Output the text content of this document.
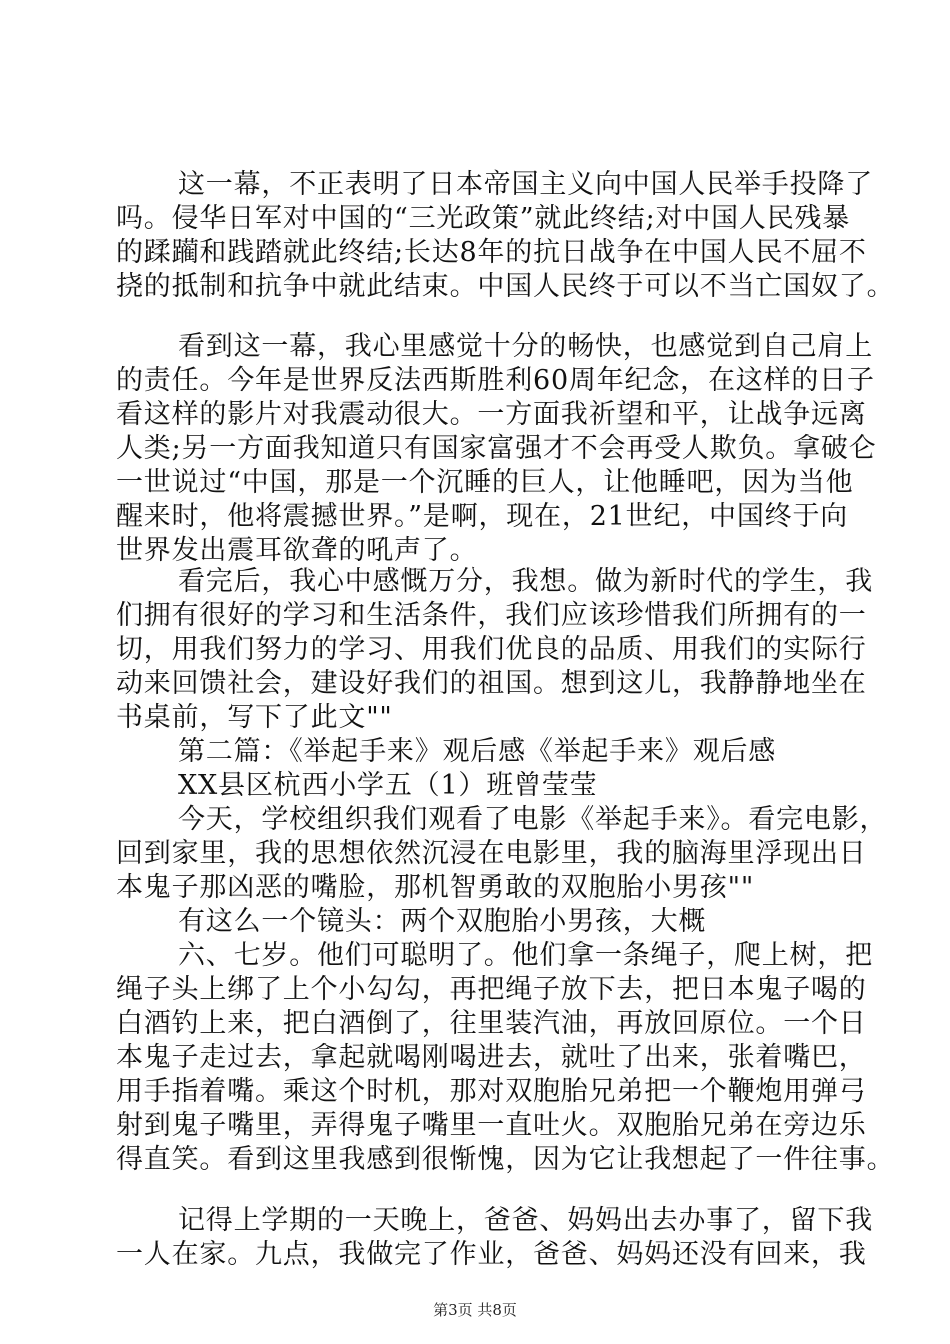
这一幕，不正表明了日本帝国主义向中国人民举手投降了
吗。侵华日军对中国的“三光政策”就此终结;对中国人民残暴
的蹂躏和践踏就此终结;长达8年的抗日战争在中国人民不屈不
挠的抵制和抗争中就此结束。中国人民终于可以不当亡国奴了。
看到这一幕，我心里感觉十分的畅快，也感觉到自己肩上
的责任。今年是世界反法西斯胜利60周年纪念，在这样的日子
看这样的影片对我震动很大。一方面我祈望和平，让战争远离
人类;另一方面我知道只有国家富强才不会再受人欺负。拿破仑
一世说过“中国，那是一个沉睡的巨人，让他睡吧，因为当他
醒来时，他将震撼世界。”是啊，现在，21世纪，中国终于向
世界发出震耳欲聋的吼声了。
看完后，我心中感慨万分，我想。做为新时代的学生，我
们拥有很好的学习和生活条件，我们应该珍惜我们所拥有的一
切，用我们努力的学习、用我们优良的品质、用我们的实际行
动来回馈社会，建设好我们的祖国。想到这儿，我静静地坐在
书桌前，写下了此文""
第二篇：《举起手来》观后感《举起手来》观后感
XX县区杭西小学五（1）班曾莹莹
今天，学校组织我们观看了电影《举起手来》。看完电影，
回到家里，我的思想依然沉浸在电影里，我的脑海里浮现出日
本鬼子那凶恶的嘴脸，那机智勇敢的双胞胎小男孩""
有这么一个镜头：两个双胞胎小男孩，大概
六、七岁。他们可聪明了。他们拿一条绳子，爬上树，把
绳子头上绑了上个小勾勾，再把绳子放下去，把日本鬼子喝的
白酒钓上来，把白酒倒了，往里装汽油，再放回原位。一个日
本鬼子走过去，拿起就喝刚喝进去，就吐了出来，张着嘴巴，
用手指着嘴。乘这个时机，那对双胞胎兄弟把一个鞭炮用弹弓
射到鬼子嘴里，弄得鬼子嘴里一直吐火。双胞胎兄弟在旁边乐
得直笑。看到这里我感到很惭愧，因为它让我想起了一件往事。
记得上学期的一天晚上，爸爸、妈妈出去办事了，留下我
一人在家。九点，我做完了作业，爸爸、妈妈还没有回来，我
第3页 共8页
